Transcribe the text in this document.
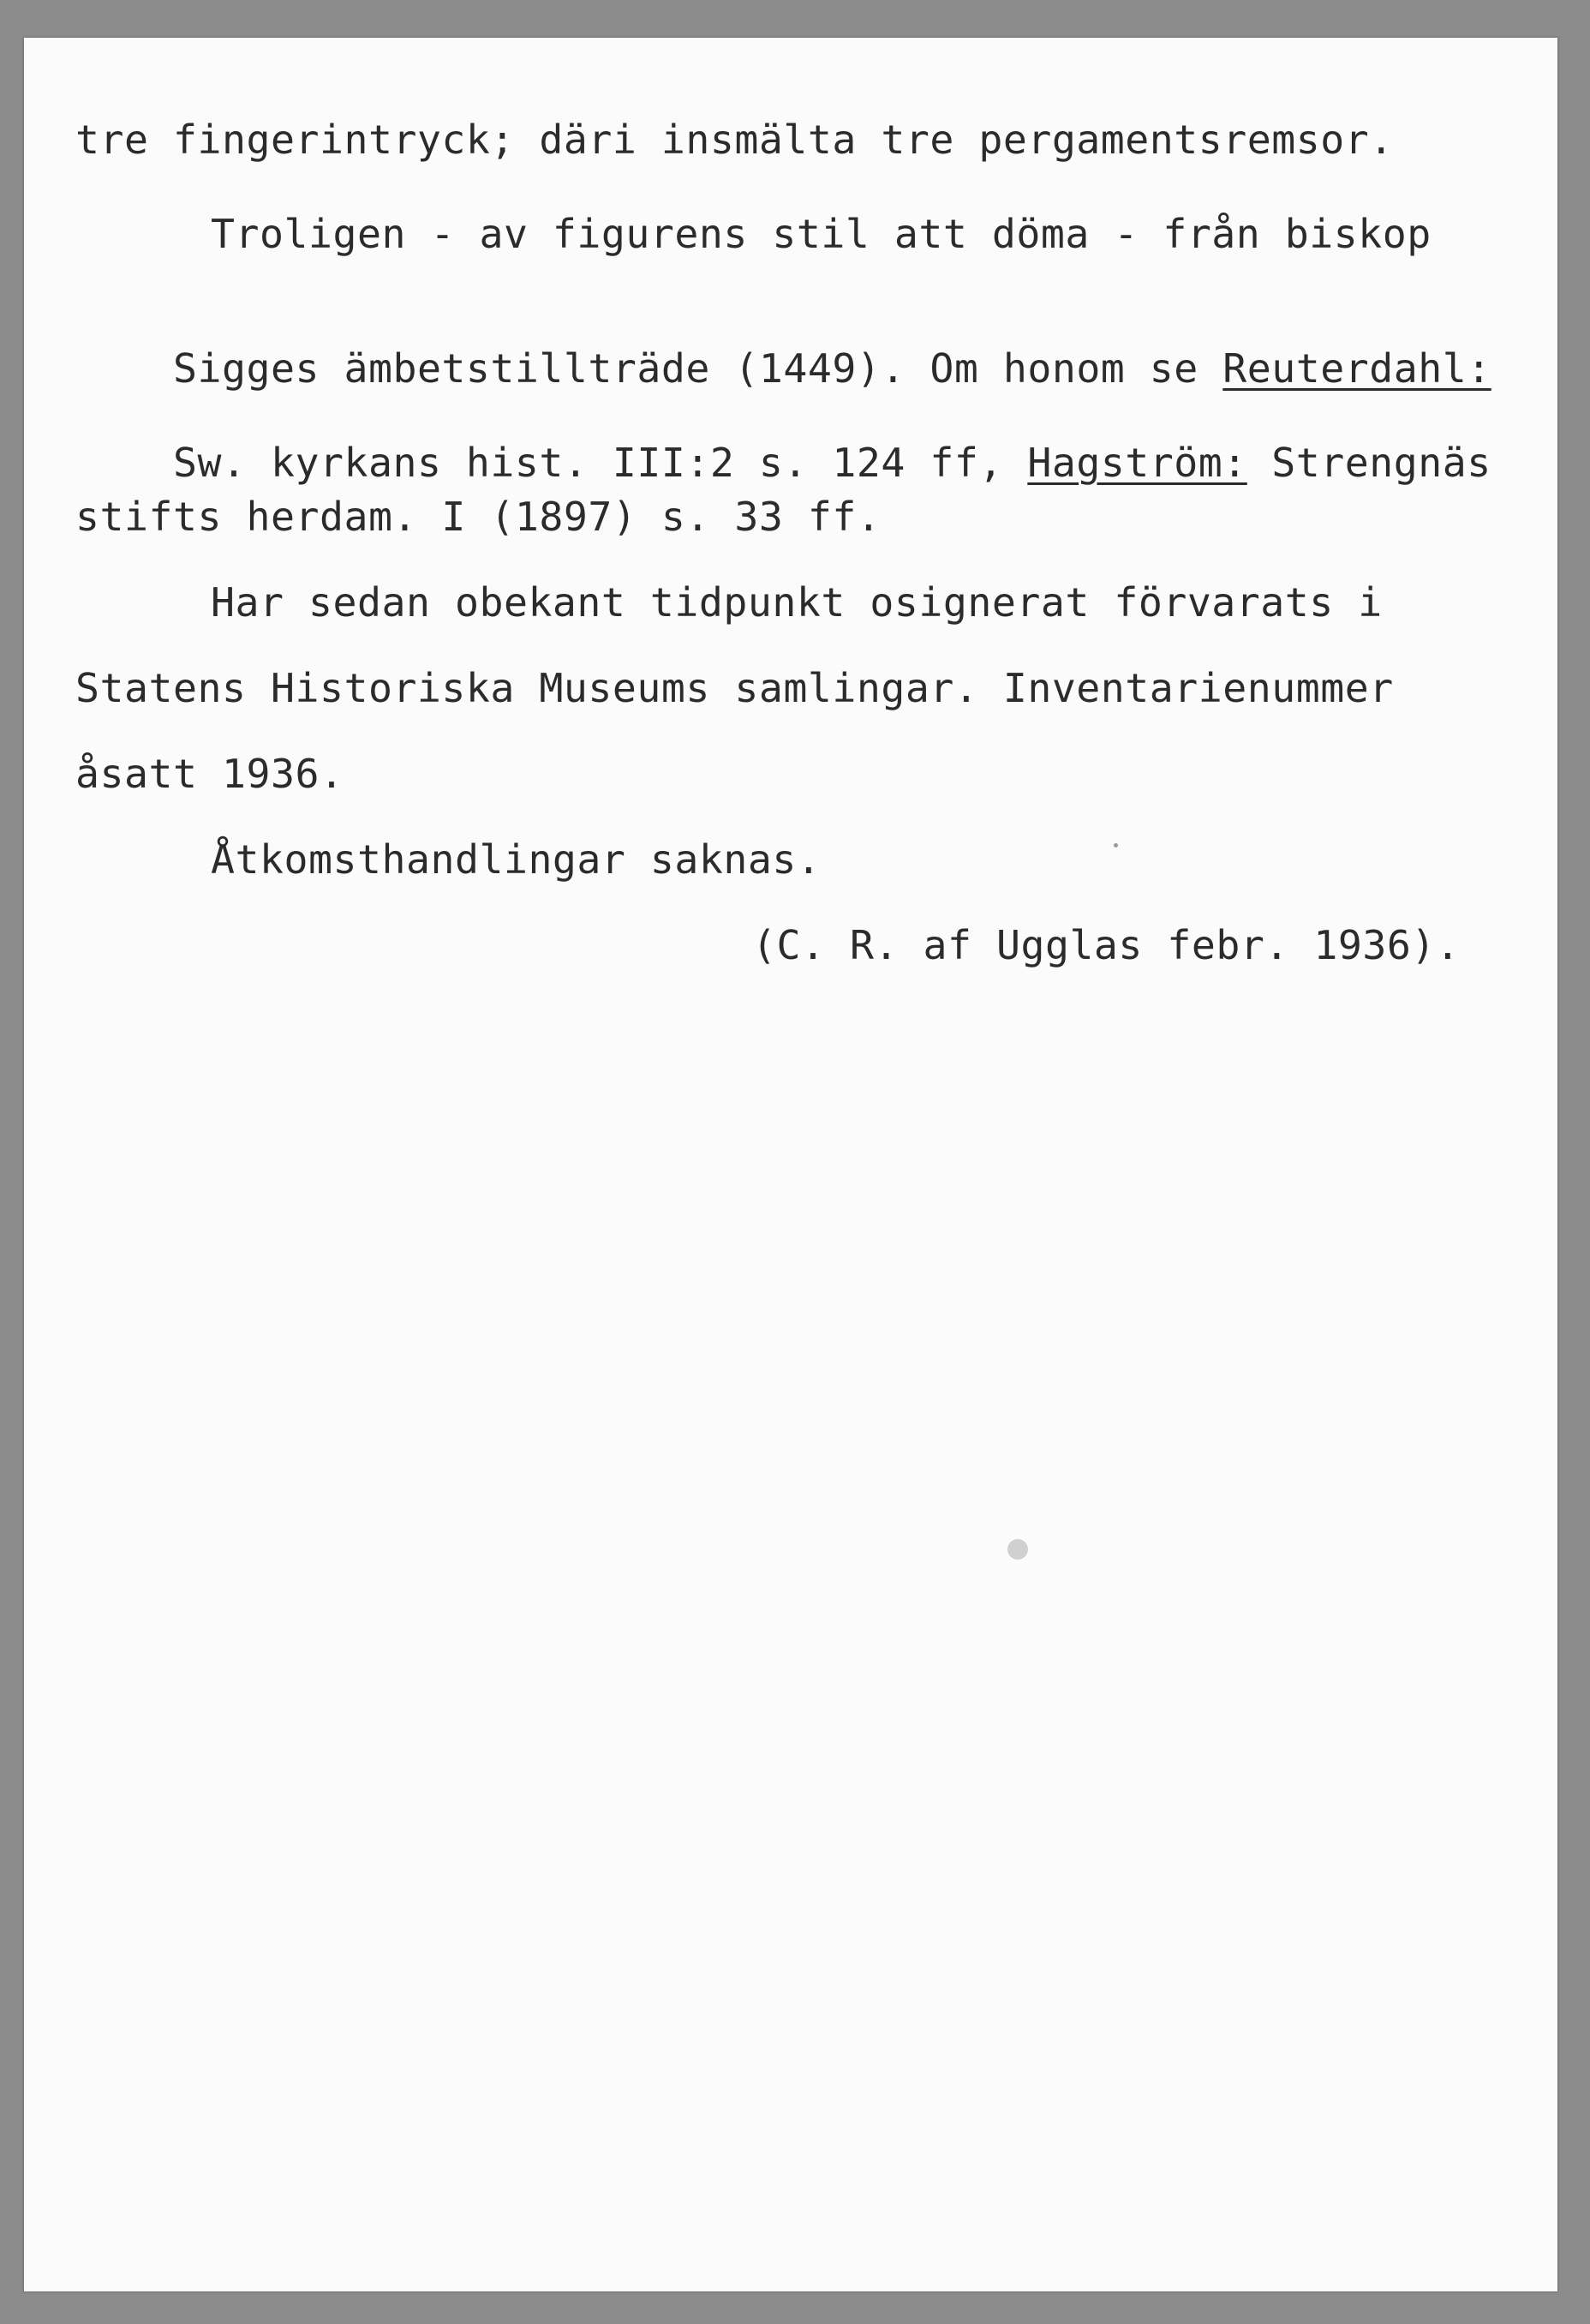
tre fingerintryck; däri insmälta tre pergamentsremsor.
Troligen - av figurens stil att döma - från biskop

Sigges ämbetstillträde (1449). Om honom se Reuterdahl:

Sw. kyrkans hist. III:2 s. 124 ff, Hagström: Strengnäs

stifts herdam. I (1897) s. 33 ff.
Har sedan obekant tidpunkt osignerat förvarats i
Statens Historiska Museums samlingar. Inventarienummer
åsatt 1936.
Åtkomsthandlingar saknas.
(C. R. af Ugglas febr. 1936).
